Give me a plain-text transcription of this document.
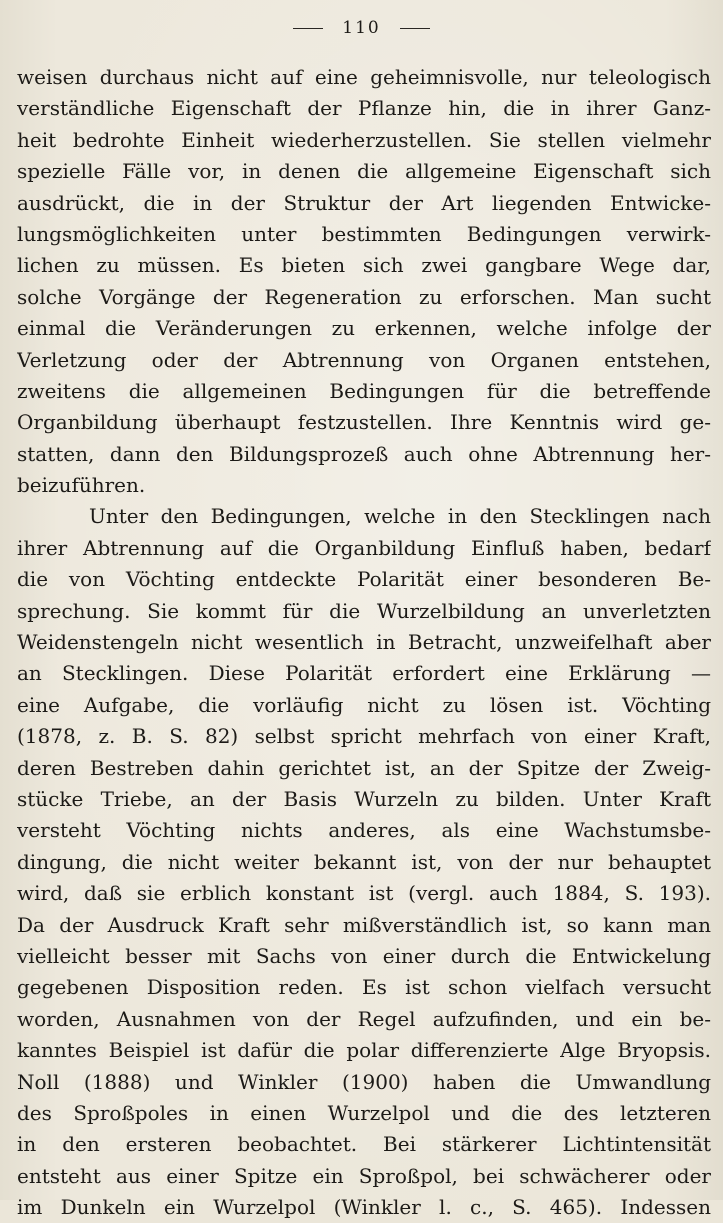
110
weisen durchaus nicht auf eine geheimnisvolle, nur teleologisch
verständliche Eigenschaft der Pflanze hin, die in ihrer Ganz-
heit bedrohte Einheit wiederherzustellen. Sie stellen vielmehr
spezielle Fälle vor, in denen die allgemeine Eigenschaft sich
ausdrückt, die in der Struktur der Art liegenden Entwicke-
lungsmöglichkeiten unter bestimmten Bedingungen verwirk-
lichen zu müssen. Es bieten sich zwei gangbare Wege dar,
solche Vorgänge der Regeneration zu erforschen. Man sucht
einmal die Veränderungen zu erkennen, welche infolge der
Verletzung oder der Abtrennung von Organen entstehen,
zweitens die allgemeinen Bedingungen für die betreffende
Organbildung überhaupt festzustellen. Ihre Kenntnis wird ge-
statten, dann den Bildungsprozeß auch ohne Abtrennung her-
beizuführen.
Unter den Bedingungen, welche in den Stecklingen nach
ihrer Abtrennung auf die Organbildung Einfluß haben, bedarf
die von Vöchting entdeckte Polarität einer besonderen Be-
sprechung. Sie kommt für die Wurzelbildung an unverletzten
Weidenstengeln nicht wesentlich in Betracht, unzweifelhaft aber
an Stecklingen. Diese Polarität erfordert eine Erklärung —
eine Aufgabe, die vorläufig nicht zu lösen ist. Vöchting
(1878, z. B. S. 82) selbst spricht mehrfach von einer Kraft,
deren Bestreben dahin gerichtet ist, an der Spitze der Zweig-
stücke Triebe, an der Basis Wurzeln zu bilden. Unter Kraft
versteht Vöchting nichts anderes, als eine Wachstumsbe-
dingung, die nicht weiter bekannt ist, von der nur behauptet
wird, daß sie erblich konstant ist (vergl. auch 1884, S. 193).
Da der Ausdruck Kraft sehr mißverständlich ist, so kann man
vielleicht besser mit Sachs von einer durch die Entwickelung
gegebenen Disposition reden. Es ist schon vielfach versucht
worden, Ausnahmen von der Regel aufzufinden, und ein be-
kanntes Beispiel ist dafür die polar differenzierte Alge Bryopsis.
Noll (1888) und Winkler (1900) haben die Umwandlung
des Sproßpoles in einen Wurzelpol und die des letzteren
in den ersteren beobachtet. Bei stärkerer Lichtintensität
entsteht aus einer Spitze ein Sproßpol, bei schwächerer oder
im Dunkeln ein Wurzelpol (Winkler l. c., S. 465). Indessen
